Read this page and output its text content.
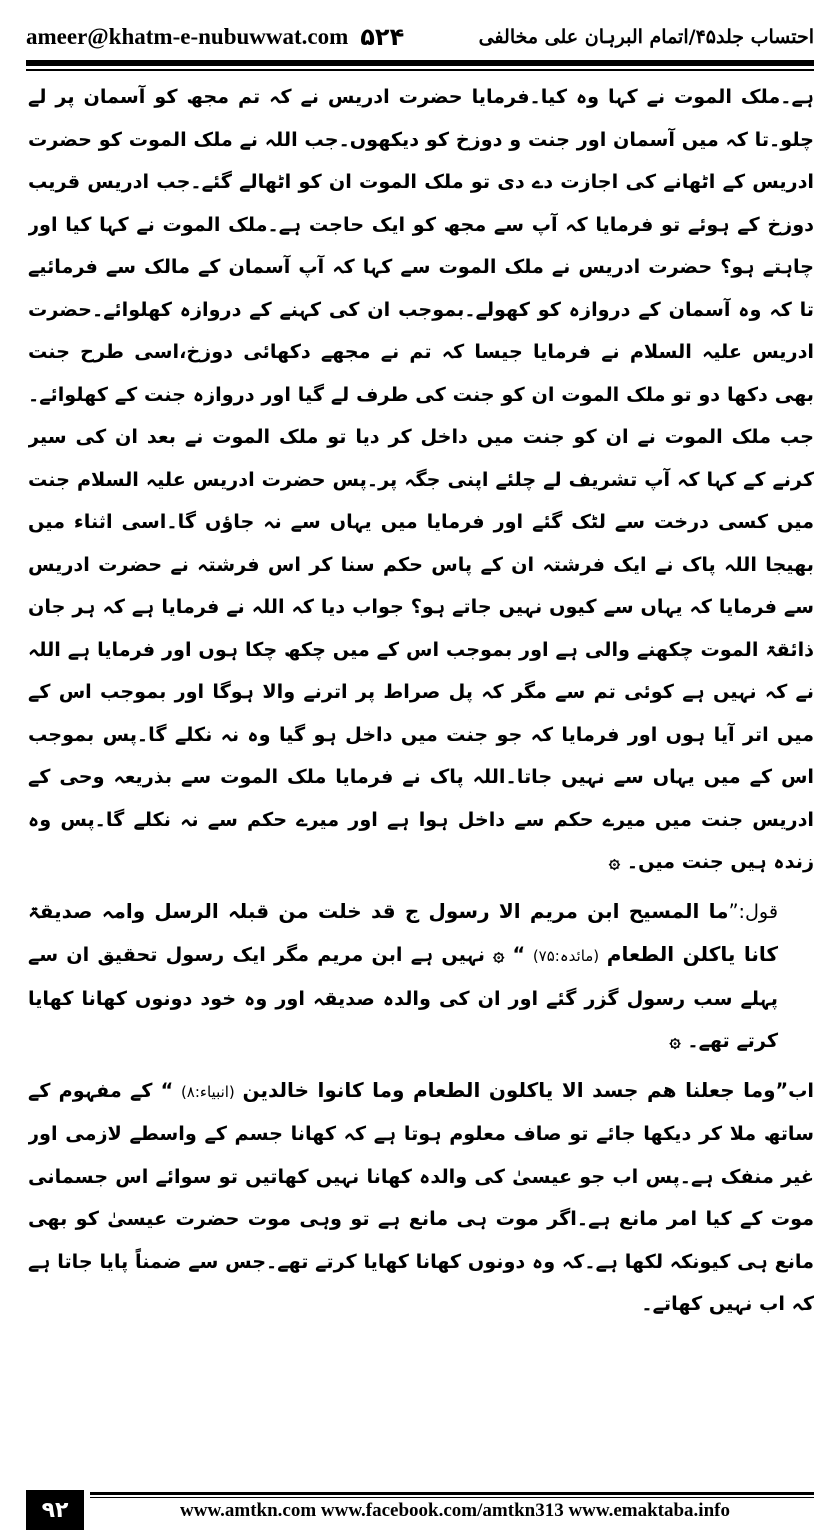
ameer@khatm-e-nubuwwat.com ۵۲۴	احتساب جلد۴۵/اتمام البرہان علی مخالفی

ہے۔ملک الموت نے کہا وہ کیا۔فرمایا حضرت ادریس نے کہ تم مجھ کو آسمان پر لے چلو۔تا کہ میں آسمان اور جنت و دوزخ کو دیکھوں۔جب اللہ نے ملک الموت کو حضرت ادریس کے اٹھانے کی اجازت دے دی تو ملک الموت ان کو اٹھالے گئے۔جب ادریس قریب دوزخ کے ہوئے تو فرمایا کہ آپ سے مجھ کو ایک حاجت ہے۔ملک الموت نے کہا کیا اور چاہتے ہو؟ حضرت ادریس نے ملک الموت سے کہا کہ آپ آسمان کے مالک سے فرمائیے تا کہ وہ آسمان کے دروازہ کو کھولے۔بموجب ان کی کہنے کے دروازہ کھلوائے۔حضرت ادریس علیہ السلام نے فرمایا جیسا کہ تم نے مجھے دکھائی دوزخ،اسی طرح جنت بھی دکھا دو تو ملک الموت ان کو جنت کی طرف لے گیا اور دروازہ جنت کے کھلوائے۔جب ملک الموت نے ان کو جنت میں داخل کر دیا تو ملک الموت نے بعد ان کی سیر کرنے کے کہا کہ آپ تشریف لے چلئے اپنی جگہ پر۔پس حضرت ادریس علیہ السلام جنت میں کسی درخت سے لٹک گئے اور فرمایا میں یہاں سے نہ جاؤں گا۔اسی اثناء میں بھیجا اللہ پاک نے ایک فرشتہ ان کے پاس حکم سنا کر اس فرشتہ نے حضرت ادریس سے فرمایا کہ یہاں سے کیوں نہیں جاتے ہو؟ جواب دیا کہ اللہ نے فرمایا ہے کہ ہر جان ذائقۃ الموت چکھنے والی ہے اور بموجب اس کے میں چکھ چکا ہوں اور فرمایا ہے اللہ نے کہ نہیں ہے کوئی تم سے مگر کہ پل صراط پر اترنے والا ہوگا اور بموجب اس کے میں اتر آیا ہوں اور فرمایا کہ جو جنت میں داخل ہو گیا وہ نہ نکلے گا۔پس بموجب اس کے میں یہاں سے نہیں جاتا۔اللہ پاک نے فرمایا ملک الموت سے بذریعہ وحی کے ادریس جنت میں میرے حکم سے داخل ہوا ہے اور میرے حکم سے نہ نکلے گا۔پس وہ زندہ ہیں جنت میں۔ ۞

قول:”ما المسیح ابن مریم الا رسول ج قد خلت من قبلہ الرسل وامہ صدیقۃ کانا یاکلن الطعام (مائدہ:۷۵) “ ۞ نہیں ہے ابن مریم مگر ایک رسول تحقیق ان سے پہلے سب رسول گزر گئے اور ان کی والدہ صدیقہ اور وہ خود دونوں کھانا کھایا کرتے تھے۔ ۞

اب”وما جعلنا ھم جسد الا یاکلون الطعام وما کانوا خالدین (انبیاء:۸) “ کے مفہوم کے ساتھ ملا کر دیکھا جائے تو صاف معلوم ہوتا ہے کہ کھانا جسم کے واسطے لازمی اور غیر منفک ہے۔پس اب جو عیسیٰ کی والدہ کھانا نہیں کھاتیں تو سوائے اس جسمانی موت کے کیا امر مانع ہے۔اگر موت ہی مانع ہے تو وہی موت حضرت عیسیٰ کو بھی مانع ہی کیونکہ لکھا ہے۔کہ وہ دونوں کھانا کھایا کرتے تھے۔جس سے ضمناً پایا جاتا ہے کہ اب نہیں کھاتے۔

۹۲	www.amtkn.com www.facebook.com/amtkn313 www.emaktaba.info
